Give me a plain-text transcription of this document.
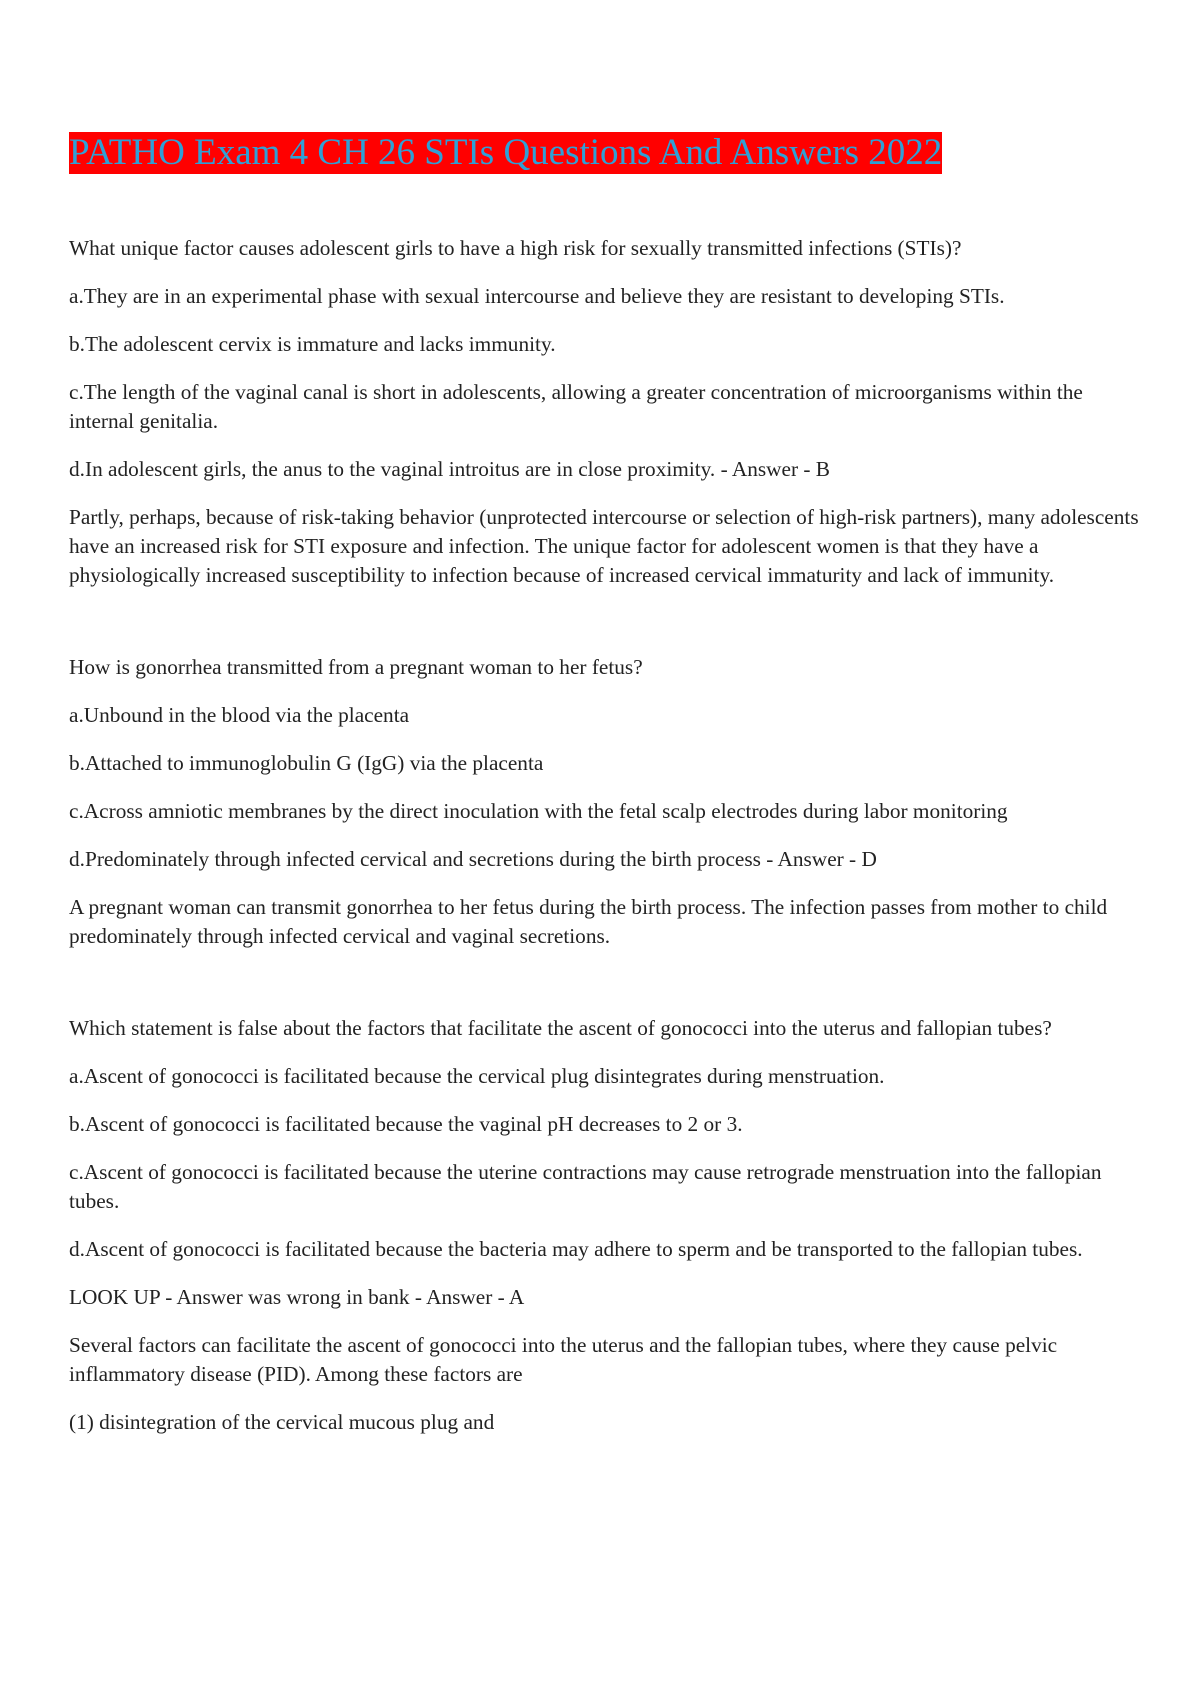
PATHO Exam 4 CH 26 STIs Questions And Answers 2022

What unique factor causes adolescent girls to have a high risk for sexually transmitted infections (STIs)?

a.They are in an experimental phase with sexual intercourse and believe they are resistant to developing STIs.

b.The adolescent cervix is immature and lacks immunity.

c.The length of the vaginal canal is short in adolescents, allowing a greater concentration of microorganisms within the internal genitalia.

d.In adolescent girls, the anus to the vaginal introitus are in close proximity. - Answer - B

Partly, perhaps, because of risk-taking behavior (unprotected intercourse or selection of high-risk partners), many adolescents have an increased risk for STI exposure and infection. The unique factor for adolescent women is that they have a physiologically increased susceptibility to infection because of increased cervical immaturity and lack of immunity.

How is gonorrhea transmitted from a pregnant woman to her fetus?

a.Unbound in the blood via the placenta

b.Attached to immunoglobulin G (IgG) via the placenta

c.Across amniotic membranes by the direct inoculation with the fetal scalp electrodes during labor monitoring

d.Predominately through infected cervical and secretions during the birth process - Answer - D

A pregnant woman can transmit gonorrhea to her fetus during the birth process. The infection passes from mother to child predominately through infected cervical and vaginal secretions.

Which statement is false about the factors that facilitate the ascent of gonococci into the uterus and fallopian tubes?

a.Ascent of gonococci is facilitated because the cervical plug disintegrates during menstruation.

b.Ascent of gonococci is facilitated because the vaginal pH decreases to 2 or 3.

c.Ascent of gonococci is facilitated because the uterine contractions may cause retrograde menstruation into the fallopian tubes.

d.Ascent of gonococci is facilitated because the bacteria may adhere to sperm and be transported to the fallopian tubes.

LOOK UP - Answer was wrong in bank - Answer - A

Several factors can facilitate the ascent of gonococci into the uterus and the fallopian tubes, where they cause pelvic inflammatory disease (PID). Among these factors are

(1) disintegration of the cervical mucous plug and
